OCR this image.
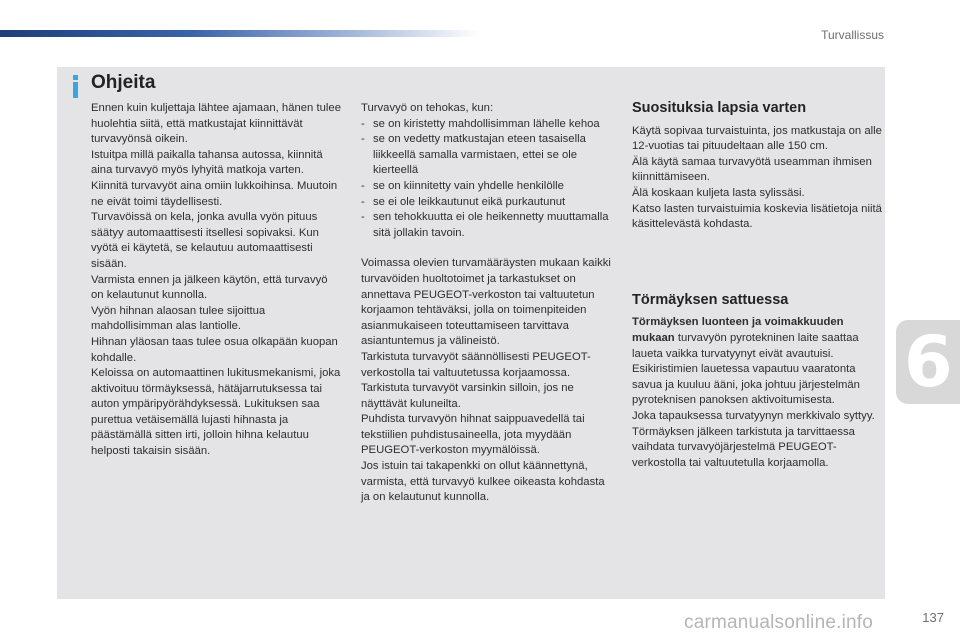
Turvallissus
Ohjeita

Ennen kuin kuljettaja lähtee ajamaan, hänen tulee huolehtia siitä, että matkustajat kiinnittävät turvavyönsä oikein.

Istuitpa millä paikalla tahansa autossa, kiinnitä aina turvavyö myös lyhyitä matkoja varten.

Kiinnitä turvavyöt aina omiin lukkoihinsa. Muutoin ne eivät toimi täydellisesti.

Turvavöissä on kela, jonka avulla vyön pituus säätyy automaattisesti itsellesi sopivaksi. Kun vyötä ei käytetä, se kelautuu automaattisesti sisään.

Varmista ennen ja jälkeen käytön, että turvavyö on kelautunut kunnolla.

Vyön hihnan alaosan tulee sijoittua mahdollisimman alas lantiolle.

Hihnan yläosan taas tulee osua olkapään kuopan kohdalle.

Keloissa on automaattinen lukitusmekanismi, joka aktivoituu törmäyksessä, hätäjarrutuksessa tai auton ympäripyörähdyksessä. Lukituksen saa purettua vetäisemällä lujasti hihnasta ja päästämällä sitten irti, jolloin hihna kelautuu helposti takaisin sisään.

Turvavyö on tehokas, kun:

- se on kiristetty mahdollisimman lähelle kehoa
- se on vedetty matkustajan eteen tasaisella liikkeellä samalla varmistaen, ettei se ole kierteellä
- se on kiinnitetty vain yhdelle henkilölle
- se ei ole leikkautunut eikä purkautunut
- sen tehokkuutta ei ole heikennetty muuttamalla sitä jollakin tavoin.

Voimassa olevien turvamääräysten mukaan kaikki turvavöiden huoltotoimet ja tarkastukset on annettava PEUGEOT-verkoston tai valtuutetun korjaamon tehtäväksi, jolla on toimenpiteiden asianmukaiseen toteuttamiseen tarvittava asiantuntemus ja välineistö.

Tarkistuta turvavyöt säännöllisesti PEUGEOT-verkostolla tai valtuutetussa korjaamossa. Tarkistuta turvavyöt varsinkin silloin, jos ne näyttävät kuluneilta.

Puhdista turvavyön hihnat saippuavedellä tai tekstiilien puhdistusaineella, jota myydään PEUGEOT-verkoston myymälöissä.

Jos istuin tai takapenkki on ollut käännettynä, varmista, että turvavyö kulkee oikeasta kohdasta ja on kelautunut kunnolla.

Suosituksia lapsia varten

Käytä sopivaa turvaistuinta, jos matkustaja on alle 12-vuotias tai pituudeltaan alle 150 cm.

Älä käytä samaa turvavyötä useamman ihmisen kiinnittämiseen.

Älä koskaan kuljeta lasta sylissäsi.

Katso lasten turvaistuimia koskevia lisätietoja niitä käsittelevästä kohdasta.

Törmäyksen sattuessa

Törmäyksen luonteen ja voimakkuuden mukaan turvavyön pyrotekninen laite saattaa laueta vaikka turvatyynyt eivät avautuisi. Esikiristimien lauetessa vapautuu vaaratonta savua ja kuuluu ääni, joka johtuu järjestelmän pyroteknisen panoksen aktivoitumisesta.

Joka tapauksessa turvatyynyn merkkivalo syttyy.

Törmäyksen jälkeen tarkistuta ja tarvittaessa vaihdata turvavyöjärjestelmä PEUGEOT-verkostolla tai valtuutetulla korjaamolla.

6
carmanualsonline.info	137
